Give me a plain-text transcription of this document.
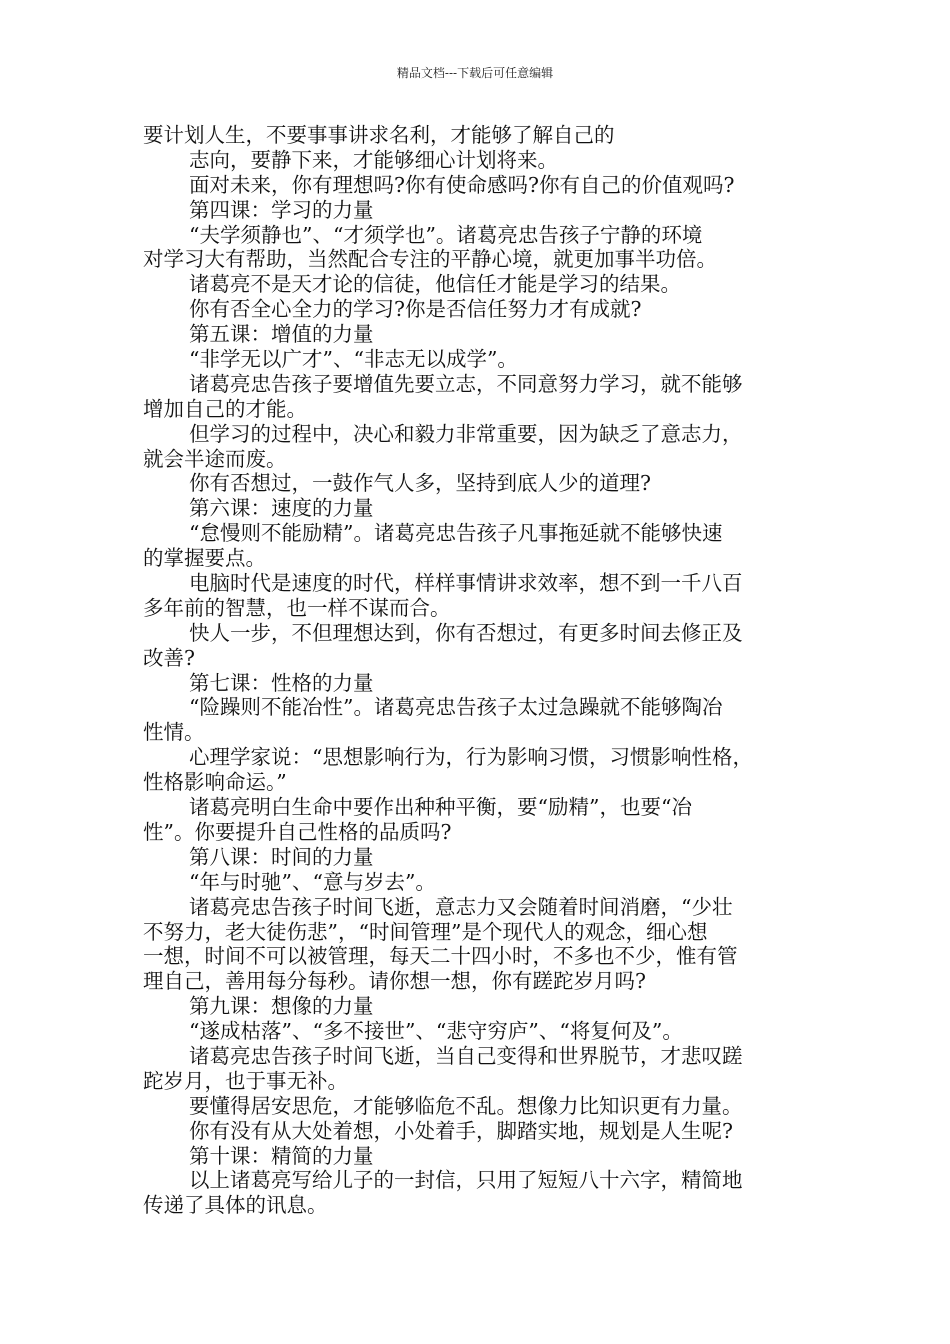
精品文档---下载后可任意编辑
要计划人生，不要事事讲求名利，才能够了解自己的
志向，要静下来，才能够细心计划将来。
面对未来，你有理想吗?你有使命感吗?你有自己的价值观吗?
第四课：学习的力量
“夫学须静也”、“才须学也”。诸葛亮忠告孩子宁静的环境
对学习大有帮助，当然配合专注的平静心境，就更加事半功倍。
诸葛亮不是天才论的信徒，他信任才能是学习的结果。
你有否全心全力的学习?你是否信任努力才有成就?
第五课：增值的力量
“非学无以广才”、“非志无以成学”。
诸葛亮忠告孩子要增值先要立志，不同意努力学习，就不能够
增加自己的才能。
但学习的过程中，决心和毅力非常重要，因为缺乏了意志力，
就会半途而废。
你有否想过，一鼓作气人多，坚持到底人少的道理?
第六课：速度的力量
“怠慢则不能励精”。诸葛亮忠告孩子凡事拖延就不能够快速
的掌握要点。
电脑时代是速度的时代，样样事情讲求效率，想不到一千八百
多年前的智慧，也一样不谋而合。
快人一步，不但理想达到，你有否想过，有更多时间去修正及
改善?
第七课：性格的力量
“险躁则不能冶性”。诸葛亮忠告孩子太过急躁就不能够陶冶
性情。
心理学家说：“思想影响行为，行为影响习惯，习惯影响性格，
性格影响命运。”
诸葛亮明白生命中要作出种种平衡，要“励精”，也要“冶
性”。你要提升自己性格的品质吗?
第八课：时间的力量
“年与时驰”、“意与岁去”。
诸葛亮忠告孩子时间飞逝，意志力又会随着时间消磨，“少壮
不努力，老大徒伤悲”，“时间管理”是个现代人的观念，细心想
一想，时间不可以被管理，每天二十四小时，不多也不少，惟有管
理自己，善用每分每秒。请你想一想，你有蹉跎岁月吗?
第九课：想像的力量
“遂成枯落”、“多不接世”、“悲守穷庐”、“将复何及”。
诸葛亮忠告孩子时间飞逝，当自己变得和世界脱节，才悲叹蹉
跎岁月，也于事无补。
要懂得居安思危，才能够临危不乱。想像力比知识更有力量。
你有没有从大处着想，小处着手，脚踏实地，规划是人生呢?
第十课：精简的力量
以上诸葛亮写给儿子的一封信，只用了短短八十六字，精简地
传递了具体的讯息。
